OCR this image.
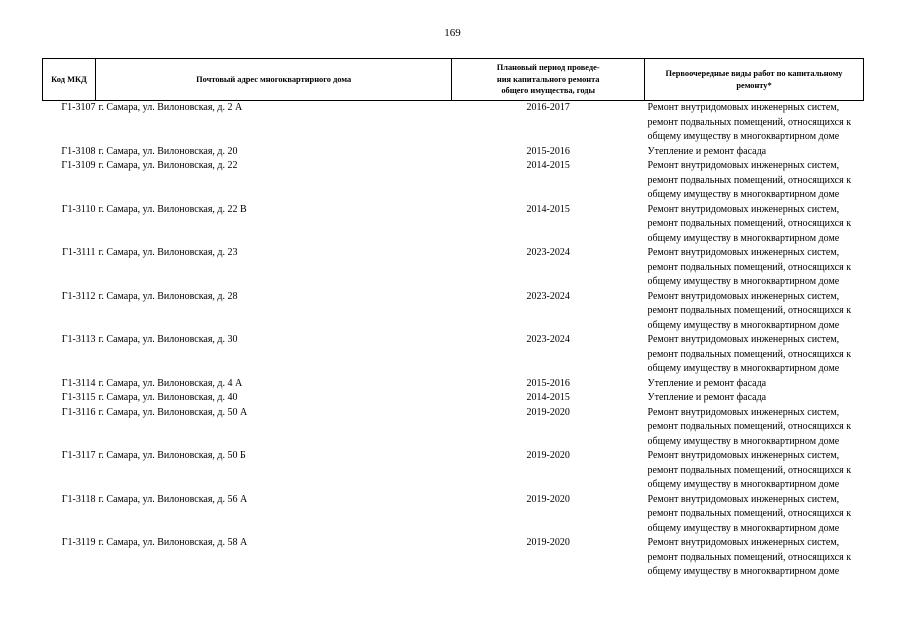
169
Код МКД	Почтовый адрес многоквартирного дома	Плановый период проведе-
ния капитального ремонта
общего имущества, годы	Первоочередные виды работ по капитальному
ремонту*
Г1-3107	г. Самара, ул. Вилоновская, д. 2 А	2016-2017	Ремонт внутридомовых инженерных систем,
ремонт подвальных помещений, относящихся к
общему имуществу в многоквартирном доме

Г1-3108	г. Самара, ул. Вилоновская, д. 20	2015-2016	Утепление и ремонт фасада

Г1-3109	г. Самара, ул. Вилоновская, д. 22	2014-2015	Ремонт внутридомовых инженерных систем,
ремонт подвальных помещений, относящихся к
общему имуществу в многоквартирном доме

Г1-3110	г. Самара, ул. Вилоновская, д. 22 В	2014-2015	Ремонт внутридомовых инженерных систем,
ремонт подвальных помещений, относящихся к
общему имуществу в многоквартирном доме

Г1-3111	г. Самара, ул. Вилоновская, д. 23	2023-2024	Ремонт внутридомовых инженерных систем,
ремонт подвальных помещений, относящихся к
общему имуществу в многоквартирном доме

Г1-3112	г. Самара, ул. Вилоновская, д. 28	2023-2024	Ремонт внутридомовых инженерных систем,
ремонт подвальных помещений, относящихся к
общему имуществу в многоквартирном доме

Г1-3113	г. Самара, ул. Вилоновская, д. 30	2023-2024	Ремонт внутридомовых инженерных систем,
ремонт подвальных помещений, относящихся к
общему имуществу в многоквартирном доме

Г1-3114	г. Самара, ул. Вилоновская, д. 4 А	2015-2016	Утепление и ремонт фасада

Г1-3115	г. Самара, ул. Вилоновская, д. 40	2014-2015	Утепление и ремонт фасада

Г1-3116	г. Самара, ул. Вилоновская, д. 50 А	2019-2020	Ремонт внутридомовых инженерных систем,
ремонт подвальных помещений, относящихся к
общему имуществу в многоквартирном доме

Г1-3117	г. Самара, ул. Вилоновская, д. 50 Б	2019-2020	Ремонт внутридомовых инженерных систем,
ремонт подвальных помещений, относящихся к
общему имуществу в многоквартирном доме

Г1-3118	г. Самара, ул. Вилоновская, д. 56 А	2019-2020	Ремонт внутридомовых инженерных систем,
ремонт подвальных помещений, относящихся к
общему имуществу в многоквартирном доме

Г1-3119	г. Самара, ул. Вилоновская, д. 58 А	2019-2020	Ремонт внутридомовых инженерных систем,
ремонт подвальных помещений, относящихся к
общему имуществу в многоквартирном доме
